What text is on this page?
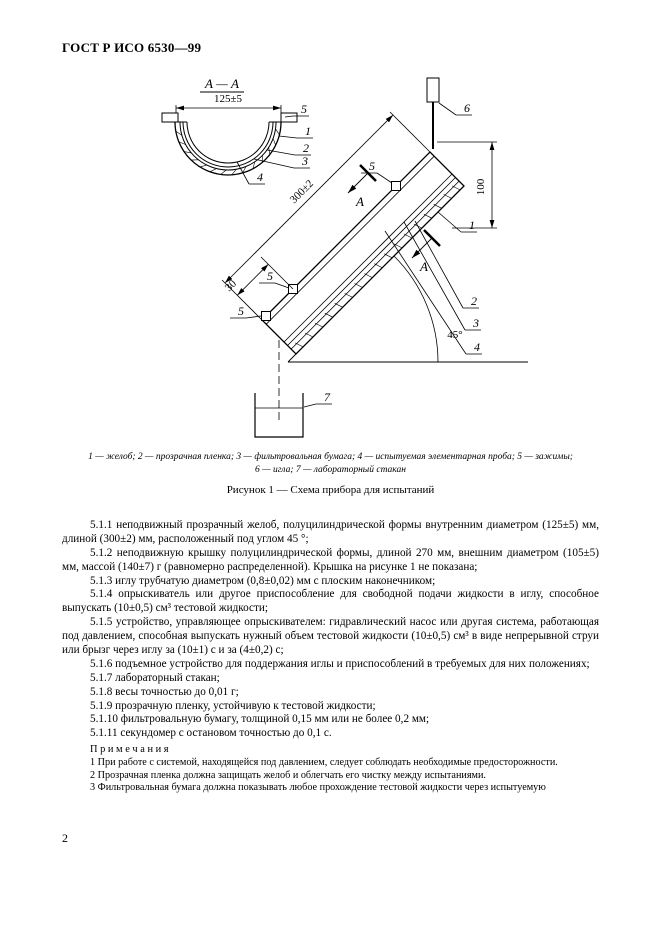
ГОСТ Р ИСО 6530—99
А — А
125±5
5
1
2
3
4
6
100
300±2
30
А
А
45°
1
2
3
4
5
5
5
7
1 — желоб; 2 — прозрачная пленка; 3 — фильтровальная бумага; 4 — испытуемая элементарная проба; 5 — зажимы;
6 — игла; 7 — лабораторный стакан
Рисунок 1 — Схема прибора для испытаний

5.1.1 неподвижный прозрачный желоб, полуцилиндрической формы внутренним диаметром (125±5) мм, длиной (300±2) мм, расположенный под углом 45 °;

5.1.2 неподвижную крышку полуцилиндрической формы, длиной 270 мм, внешним диаметром (105±5) мм, массой (140±7) г (равномерно распределенной). Крышка на рисунке 1 не показана;

5.1.3 иглу трубчатую диаметром (0,8±0,02) мм с плоским наконечником;

5.1.4 опрыскиватель или другое приспособление для свободной подачи жидкости в иглу, способное выпускать (10±0,5) см³ тестовой жидкости;

5.1.5 устройство, управляющее опрыскивателем: гидравлический насос или другая система, работающая под давлением, способная выпускать нужный объем тестовой жидкости (10±0,5) см³ в виде непрерывной струи или брызг через иглу за (10±1) с и за (4±0,2) с;

5.1.6 подъемное устройство для поддержания иглы и приспособлений в требуемых для них положениях;

5.1.7 лабораторный стакан;

5.1.8 весы точностью до 0,01 г;

5.1.9 прозрачную пленку, устойчивую к тестовой жидкости;

5.1.10 фильтровальную бумагу, толщиной 0,15 мм или не более 0,2 мм;

5.1.11 секундомер с остановом точностью до 0,1 с.

П р и м е ч а н и я

1 При работе с системой, находящейся под давлением, следует соблюдать необходимые предосторожности.

2 Прозрачная пленка должна защищать желоб и облегчать его чистку между испытаниями.

3 Фильтровальная бумага должна показывать любое прохождение тестовой жидкости через испытуемую

2
